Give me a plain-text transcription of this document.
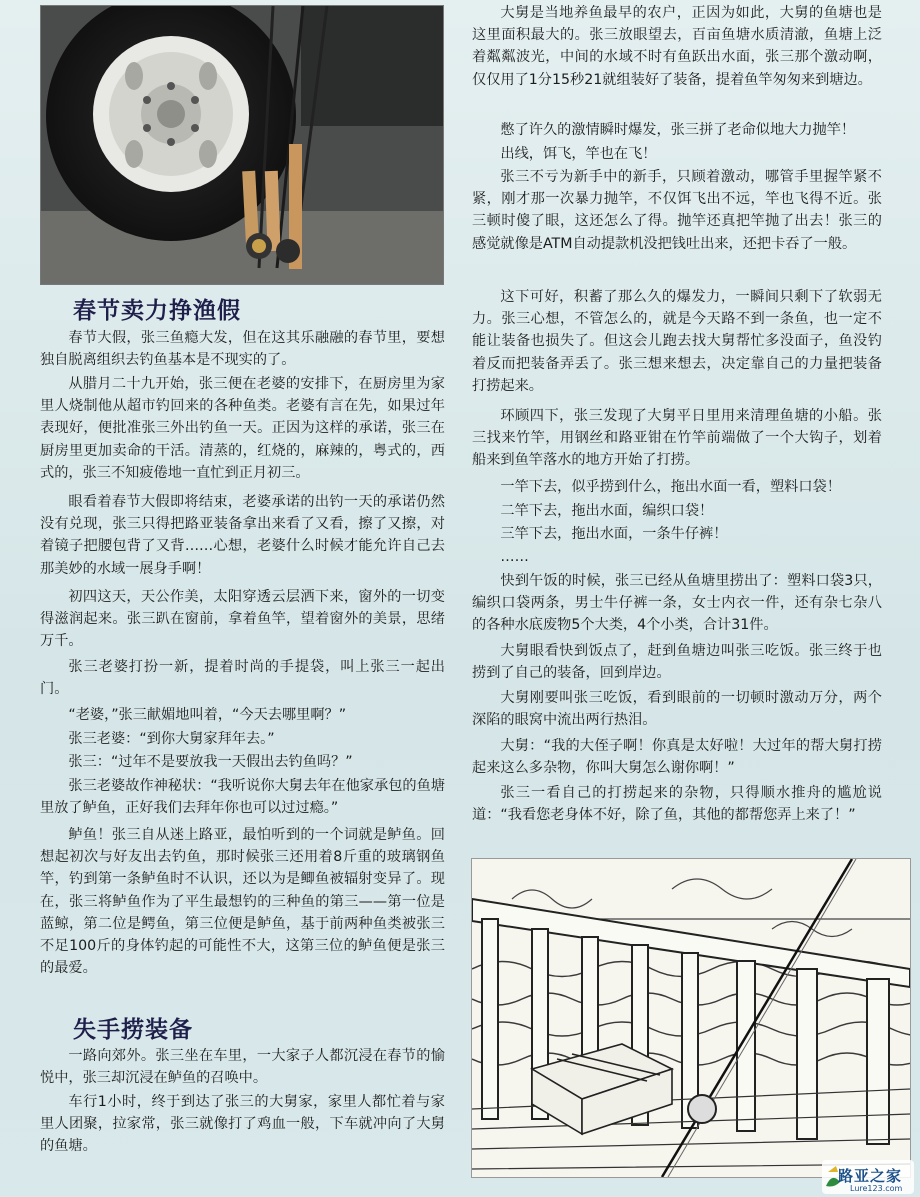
春节卖力挣渔假

春节大假，张三鱼瘾大发，但在这其乐融融的春节里，要想独自脱离组织去钓鱼基本是不现实的了。

从腊月二十九开始，张三便在老婆的安排下，在厨房里为家里人烧制他从超市钓回来的各种鱼类。老婆有言在先，如果过年表现好，便批准张三外出钓鱼一天。正因为这样的承诺，张三在厨房里更加卖命的干活。清蒸的，红烧的，麻辣的，粤式的，西式的，张三不知疲倦地一直忙到正月初三。

眼看着春节大假即将结束，老婆承诺的出钓一天的承诺仍然没有兑现，张三只得把路亚装备拿出来看了又看，擦了又擦，对着镜子把腰包背了又背……心想，老婆什么时候才能允许自己去那美妙的水域一展身手啊！

初四这天，天公作美，太阳穿透云层洒下来，窗外的一切变得滋润起来。张三趴在窗前，拿着鱼竿，望着窗外的美景，思绪万千。

张三老婆打扮一新，提着时尚的手提袋，叫上张三一起出门。

“老婆，”张三献媚地叫着，“今天去哪里啊？”

张三老婆：“到你大舅家拜年去。”

张三：“过年不是要放我一天假出去钓鱼吗？”

张三老婆故作神秘状：“我听说你大舅去年在他家承包的鱼塘里放了鲈鱼，正好我们去拜年你也可以过过瘾。”

鲈鱼！张三自从迷上路亚，最怕听到的一个词就是鲈鱼。回想起初次与好友出去钓鱼，那时候张三还用着8斤重的玻璃钢鱼竿，钓到第一条鲈鱼时不认识，还以为是鲫鱼被辐射变异了。现在，张三将鲈鱼作为了平生最想钓的三种鱼的第三——第一位是蓝鲸，第二位是鳄鱼，第三位便是鲈鱼，基于前两种鱼类被张三不足100斤的身体钓起的可能性不大，这第三位的鲈鱼便是张三的最爱。

失手捞装备

一路向郊外。张三坐在车里，一大家子人都沉浸在春节的愉悦中，张三却沉浸在鲈鱼的召唤中。

车行1小时，终于到达了张三的大舅家，家里人都忙着与家里人团聚，拉家常，张三就像打了鸡血一般，下车就冲向了大舅的鱼塘。

大舅是当地养鱼最早的农户，正因为如此，大舅的鱼塘也是这里面积最大的。张三放眼望去，百亩鱼塘水质清澈，鱼塘上泛着粼粼波光，中间的水域不时有鱼跃出水面，张三那个激动啊，仅仅用了1分15秒21就组装好了装备，提着鱼竿匆匆来到塘边。

憋了许久的激情瞬时爆发，张三拼了老命似地大力抛竿！

出线，饵飞，竿也在飞！

张三不亏为新手中的新手，只顾着激动，哪管手里握竿紧不紧，刚才那一次暴力抛竿，不仅饵飞出不远，竿也飞得不近。张三顿时傻了眼，这还怎么了得。抛竿还真把竿抛了出去！张三的感觉就像是ATM自动提款机没把钱吐出来，还把卡吞了一般。

这下可好，积蓄了那么久的爆发力，一瞬间只剩下了软弱无力。张三心想，不管怎么的，就是今天路不到一条鱼，也一定不能让装备也损失了。但这会儿跑去找大舅帮忙多没面子，鱼没钓着反而把装备弄丢了。张三想来想去，决定靠自己的力量把装备打捞起来。

环顾四下，张三发现了大舅平日里用来清理鱼塘的小船。张三找来竹竿，用钢丝和路亚钳在竹竿前端做了一个大钩子，划着船来到鱼竿落水的地方开始了打捞。

一竿下去，似乎捞到什么，拖出水面一看，塑料口袋！

二竿下去，拖出水面，编织口袋！

三竿下去，拖出水面，一条牛仔裤！

……

快到午饭的时候，张三已经从鱼塘里捞出了：塑料口袋3只，编织口袋两条，男士牛仔裤一条，女士内衣一件，还有杂七杂八的各种水底废物5个大类，4个小类，合计31件。

大舅眼看快到饭点了，赶到鱼塘边叫张三吃饭。张三终于也捞到了自己的装备，回到岸边。

大舅刚要叫张三吃饭，看到眼前的一切顿时激动万分，两个深陷的眼窝中流出两行热泪。

大舅：“我的大侄子啊！你真是太好啦！大过年的帮大舅打捞起来这么多杂物，你叫大舅怎么谢你啊！”

张三一看自己的打捞起来的杂物，只得顺水推舟的尴尬说道：“我看您老身体不好，除了鱼，其他的都帮您弄上来了！”

路亚之家
Lure123.com
